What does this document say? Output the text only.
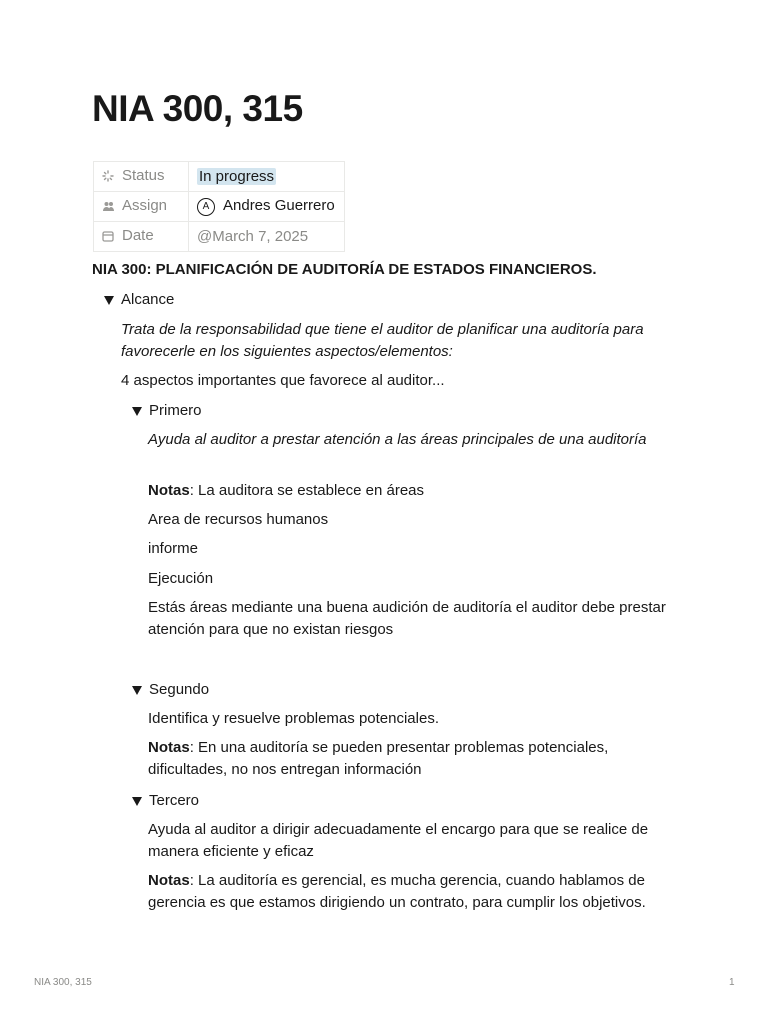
NIA 300, 315
Status	In progress
Assign	A Andres Guerrero
Date	@March 7, 2025

NIA 300: PLANIFICACIÓN DE AUDITORÍA DE ESTADOS FINANCIEROS.

Alcance

Trata de la responsabilidad que tiene el auditor de planificar una auditoría para favorecerle en los siguientes aspectos/elementos:

4 aspectos importantes que favorece al auditor...

Primero

Ayuda al auditor a prestar atención a las áreas principales de una auditoría

Notas: La auditora se establece en áreas

Area de recursos humanos

informe

Ejecución

Estás áreas mediante una buena audición de auditoría el auditor debe prestar atención para que no existan riesgos

Segundo

Identifica y resuelve problemas potenciales.

Notas: En una auditoría se pueden presentar problemas potenciales, dificultades, no nos entregan información

Tercero

Ayuda al auditor a dirigir adecuadamente el encargo para que se realice de manera eficiente y eficaz

Notas: La auditoría es gerencial, es mucha gerencia, cuando hablamos de gerencia es que estamos dirigiendo un contrato, para cumplir los objetivos.

NIA 300, 315	1
